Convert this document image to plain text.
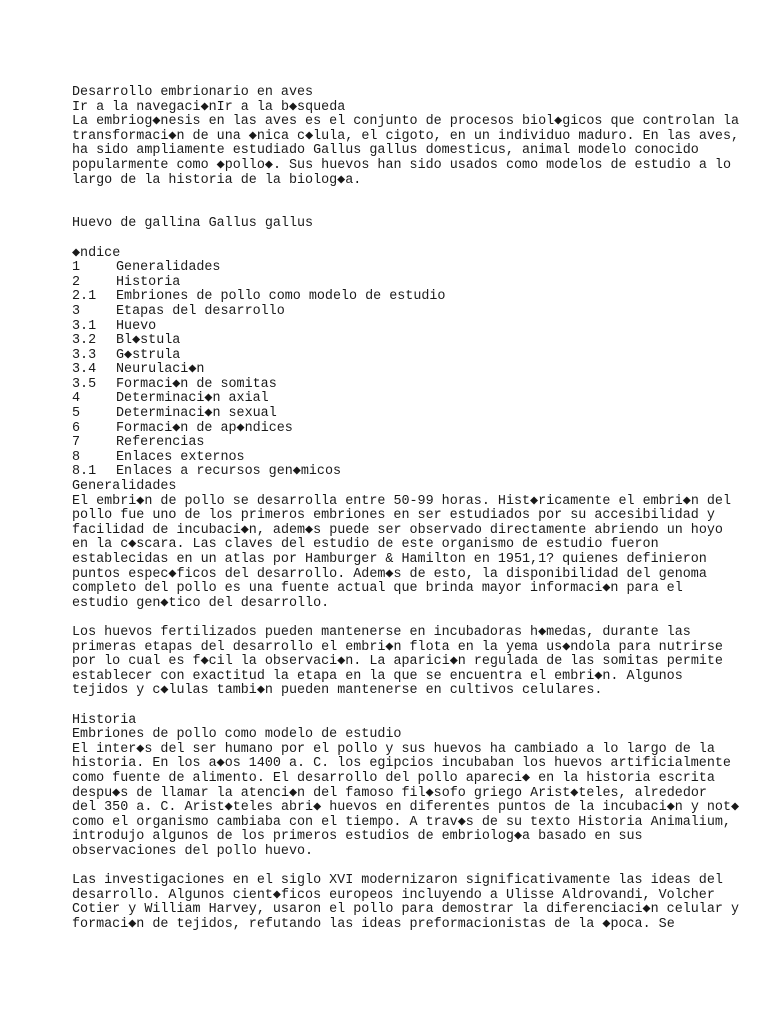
Desarrollo embrionario en aves
Ir a la navegaci◆nIr a la b◆squeda
La embriog◆nesis en las aves es el conjunto de procesos biol◆gicos que controlan la
transformaci◆n de una ◆nica c◆lula, el cigoto, en un individuo maduro. En las aves,
ha sido ampliamente estudiado Gallus gallus domesticus, animal modelo conocido
popularmente como ◆pollo◆. Sus huevos han sido usados como modelos de estudio a lo
largo de la historia de la biolog◆a.
Huevo de gallina Gallus gallus
◆ndice
1	Generalidades
2	Historia
2.1	Embriones de pollo como modelo de estudio
3	Etapas del desarrollo
3.1	Huevo
3.2	Bl◆stula
3.3	G◆strula
3.4	Neurulaci◆n
3.5	Formaci◆n de somitas
4	Determinaci◆n axial
5	Determinaci◆n sexual
6	Formaci◆n de ap◆ndices
7	Referencias
8	Enlaces externos
8.1	Enlaces a recursos gen◆micos
Generalidades
El embri◆n de pollo se desarrolla entre 50-99 horas. Hist◆ricamente el embri◆n del
pollo fue uno de los primeros embriones en ser estudiados por su accesibilidad y
facilidad de incubaci◆n, adem◆s puede ser observado directamente abriendo un hoyo
en la c◆scara. Las claves del estudio de este organismo de estudio fueron
establecidas en un atlas por Hamburger & Hamilton en 1951,1? quienes definieron
puntos espec◆ficos del desarrollo. Adem◆s de esto, la disponibilidad del genoma
completo del pollo es una fuente actual que brinda mayor informaci◆n para el
estudio gen◆tico del desarrollo.
Los huevos fertilizados pueden mantenerse en incubadoras h◆medas, durante las
primeras etapas del desarrollo el embri◆n flota en la yema us◆ndola para nutrirse
por lo cual es f◆cil la observaci◆n. La aparici◆n regulada de las somitas permite
establecer con exactitud la etapa en la que se encuentra el embri◆n. Algunos
tejidos y c◆lulas tambi◆n pueden mantenerse en cultivos celulares.
Historia
Embriones de pollo como modelo de estudio
El inter◆s del ser humano por el pollo y sus huevos ha cambiado a lo largo de la
historia. En los a◆os 1400 a. C. los egipcios incubaban los huevos artificialmente
como fuente de alimento. El desarrollo del pollo apareci◆ en la historia escrita
despu◆s de llamar la atenci◆n del famoso fil◆sofo griego Arist◆teles, alrededor
del 350 a. C. Arist◆teles abri◆ huevos en diferentes puntos de la incubaci◆n y not◆
como el organismo cambiaba con el tiempo. A trav◆s de su texto Historia Animalium,
introdujo algunos de los primeros estudios de embriolog◆a basado en sus
observaciones del pollo huevo.
Las investigaciones en el siglo XVI modernizaron significativamente las ideas del
desarrollo. Algunos cient◆ficos europeos incluyendo a Ulisse Aldrovandi, Volcher
Cotier y William Harvey, usaron el pollo para demostrar la diferenciaci◆n celular y
formaci◆n de tejidos, refutando las ideas preformacionistas de la ◆poca. Se
